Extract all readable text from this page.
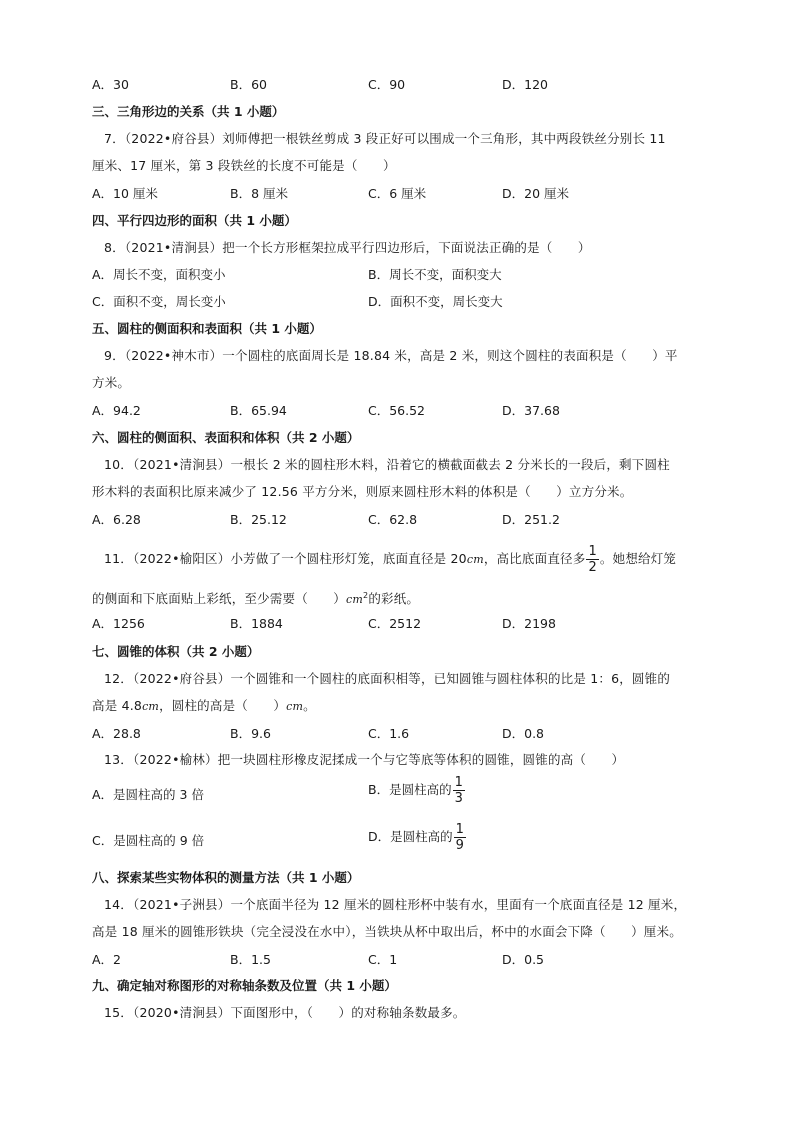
A．30	B．60	C．90	D．120
三、三角形边的关系（共 1 小题）
7．（2022•府谷县）刘师傅把一根铁丝剪成 3 段正好可以围成一个三角形，其中两段铁丝分别长 11
厘米、17 厘米，第 3 段铁丝的长度不可能是（　　）
A．10 厘米	B．8 厘米	C．6 厘米	D．20 厘米
四、平行四边形的面积（共 1 小题）
8．（2021•清涧县）把一个长方形框架拉成平行四边形后，下面说法正确的是（　　）
A．周长不变，面积变小	B．周长不变，面积变大
C．面积不变，周长变小	D．面积不变，周长变大
五、圆柱的侧面积和表面积（共 1 小题）
9．（2022•神木市）一个圆柱的底面周长是 18.84 米，高是 2 米，则这个圆柱的表面积是（　　）平
方米。
A．94.2	B．65.94	C．56.52	D．37.68
六、圆柱的侧面积、表面积和体积（共 2 小题）
10．（2021•清涧县）一根长 2 米的圆柱形木料，沿着它的横截面截去 2 分米长的一段后，剩下圆柱
形木料的表面积比原来减少了 12.56 平方分米，则原来圆柱形木料的体积是（　　）立方分米。
A．6.28	B．25.12	C．62.8	D．251.2
11．（2022•榆阳区）小芳做了一个圆柱形灯笼，底面直径是 20cm，高比底面直径多 $\frac{1}{2}$ 。她想给灯笼
的侧面和下底面贴上彩纸，至少需要（　　）$cm^2$的彩纸。
A．1256	B．1884	C．2512	D．2198
七、圆锥的体积（共 2 小题）
12．（2022•府谷县）一个圆锥和一个圆柱的底面积相等，已知圆锥与圆柱体积的比是 1：6，圆锥的
高是 4.8cm，圆柱的高是（　　）cm。
A．28.8	B．9.6	C．1.6	D．0.8
13．（2022•榆林）把一块圆柱形橡皮泥揉成一个与它等底等体积的圆锥，圆锥的高（　　）
A．是圆柱高的 3 倍	B．是圆柱高的 $\frac{1}{3}$
C．是圆柱高的 9 倍	D．是圆柱高的 $\frac{1}{9}$
八、探索某些实物体积的测量方法（共 1 小题）
14．（2021•子洲县）一个底面半径为 12 厘米的圆柱形杯中装有水，里面有一个底面直径是 12 厘米，
高是 18 厘米的圆锥形铁块（完全浸没在水中），当铁块从杯中取出后，杯中的水面会下降（　　）厘米。
A．2	B．1.5	C．1	D．0.5
九、确定轴对称图形的对称轴条数及位置（共 1 小题）
15．（2020•清涧县）下面图形中，（　　）的对称轴条数最多。
